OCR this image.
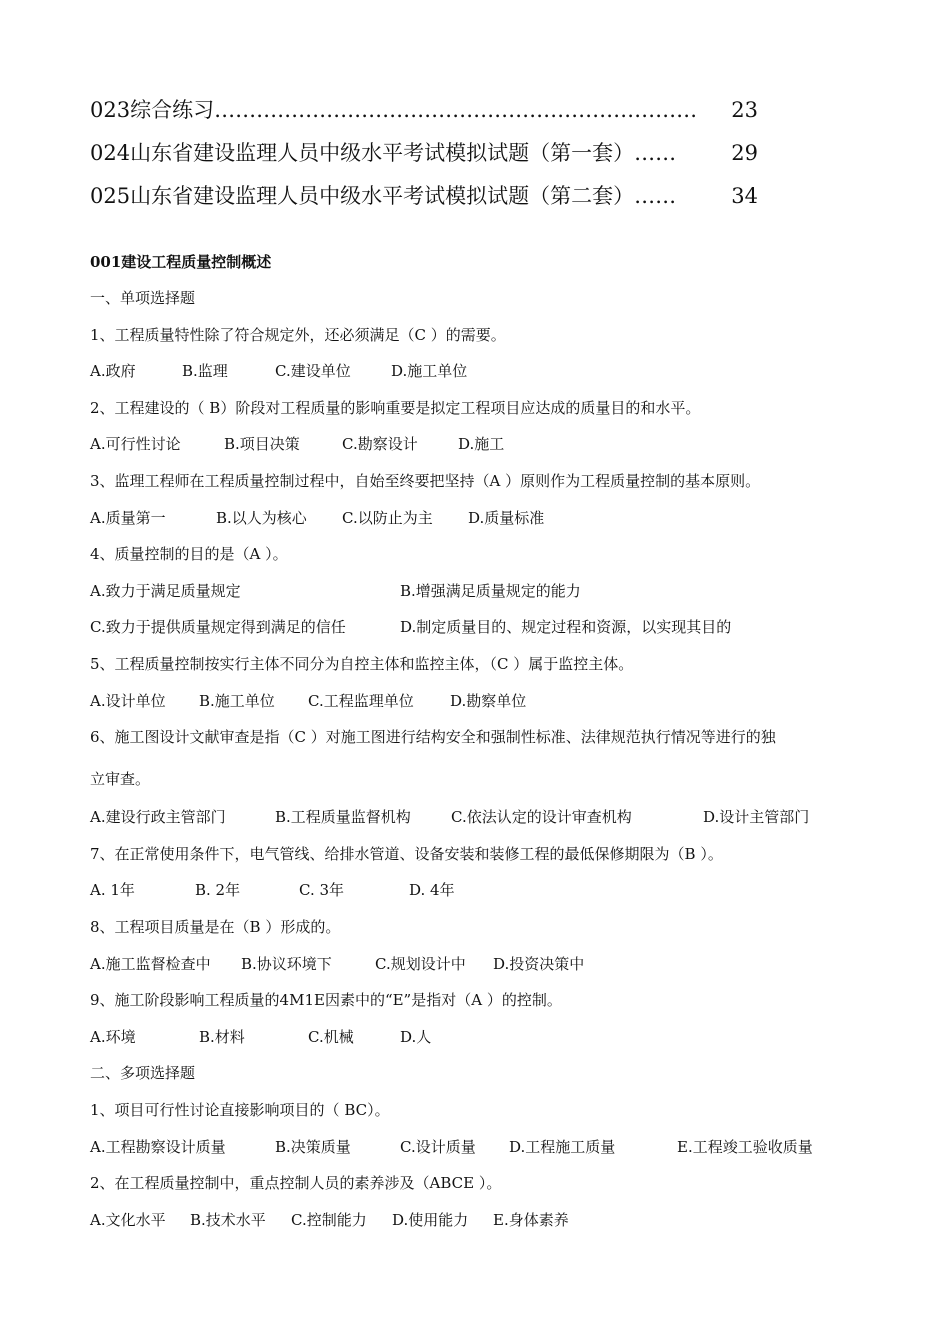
023综合练习 ……………………………………………………………	23
024山东省建设监理人员中级水平考试模拟试题（第一套） ……	29
025山东省建设监理人员中级水平考试模拟试题（第二套） ……	34
001建设工程质量控制概述
一、单项选择题
1、工程质量特性除了符合规定外，还必须满足（C ）的需要。
A.政府	B.监理	C.建设单位	D.施工单位
2、工程建设的（ B）阶段对工程质量的影响重要是拟定工程项目应达成的质量目的和水平。
A.可行性讨论	B.项目决策	C.勘察设计	D.施工
3、监理工程师在工程质量控制过程中，自始至终要把坚持（A ）原则作为工程质量控制的基本原则。
A.质量第一	B.以人为核心 C.以防止为主 D.质量标准
4、质量控制的目的是（A ）。
A.致力于满足质量规定	B.增强满足质量规定的能力
C.致力于提供质量规定得到满足的信任	D.制定质量目的、规定过程和资源，以实现其目的
5、工程质量控制按实行主体不同分为自控主体和监控主体，（C ）属于监控主体。
A.设计单位 B.施工单位 C.工程监理单位 D.勘察单位
6、施工图设计文献审查是指（C ）对施工图进行结构安全和强制性标准、法律规范执行情况等进行的独
立审查。
A.建设行政主管部门	B.工程质量监督机构	C.依法认定的设计审查机构	D.设计主管部门
7、在正常使用条件下，电气管线、给排水管道、设备安装和装修工程的最低保修期限为（B ）。
A. 1年	B. 2年	C. 3年	D. 4年
8、工程项目质量是在（B ）形成的。
A.施工监督检查中 B.协议环境下	C.规划设计中 D.投资决策中
9、施工阶段影响工程质量的4M1E因素中的“E”是指对（A ）的控制。
A.环境	B.材料	C.机械	D.人
二、多项选择题
1、项目可行性讨论直接影响项目的（ BC）。
A.工程勘察设计质量	B.决策质量	C.设计质量 D.工程施工质量	E.工程竣工验收质量
2、在工程质量控制中，重点控制人员的素养涉及（ABCE ）。
A.文化水平 B.技术水平 C.控制能力 D.使用能力 E.身体素养
